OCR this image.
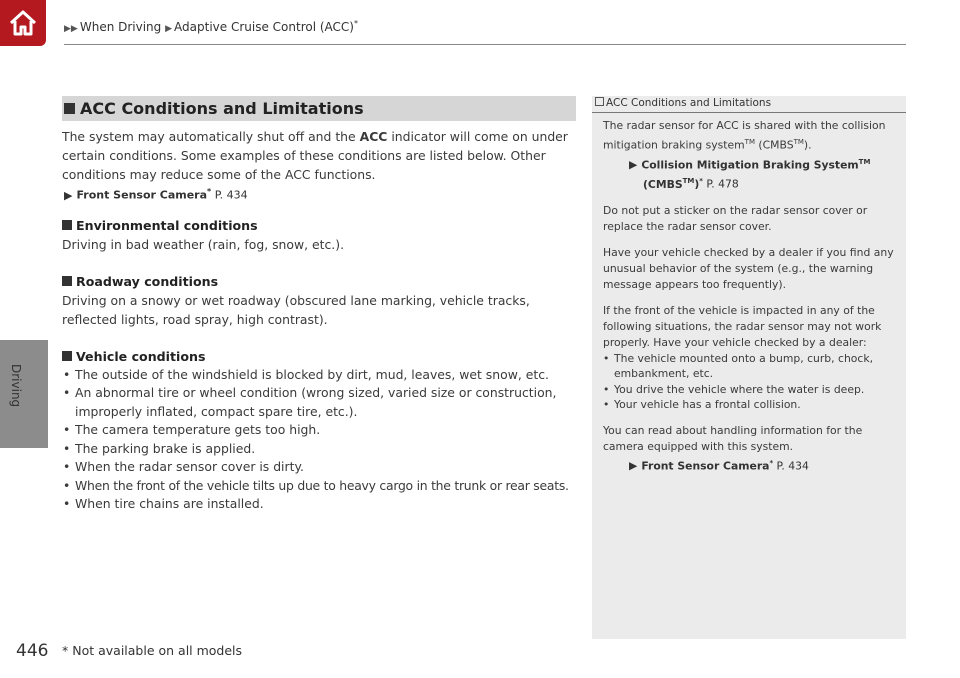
▶▶ When Driving ▶ Adaptive Cruise Control (ACC)*
Driving
ACC Conditions and Limitations

The system may automatically shut off and the ACC indicator will come on under certain conditions. Some examples of these conditions are listed below. Other conditions may reduce some of the ACC functions.

▶ Front Sensor Camera* P. 434

Environmental conditions

Driving in bad weather (rain, fog, snow, etc.).

Roadway conditions

Driving on a snowy or wet roadway (obscured lane marking, vehicle tracks, reflected lights, road spray, high contrast).

Vehicle conditions

• The outside of the windshield is blocked by dirt, mud, leaves, wet snow, etc.
• An abnormal tire or wheel condition (wrong sized, varied size or construction, improperly inflated, compact spare tire, etc.).
• The camera temperature gets too high.
• The parking brake is applied.
• When the radar sensor cover is dirty.
• When the front of the vehicle tilts up due to heavy cargo in the trunk or rear seats.
• When tire chains are installed.
ACC Conditions and Limitations

The radar sensor for ACC is shared with the collision mitigation braking system™ (CMBS™).

▶ Collision Mitigation Braking System™
(CMBS™)* P. 478

Do not put a sticker on the radar sensor cover or replace the radar sensor cover.

Have your vehicle checked by a dealer if you find any unusual behavior of the system (e.g., the warning message appears too frequently).

If the front of the vehicle is impacted in any of the following situations, the radar sensor may not work properly. Have your vehicle checked by a dealer:

• The vehicle mounted onto a bump, curb, chock, embankment, etc.
• You drive the vehicle where the water is deep.
• Your vehicle has a frontal collision.

You can read about handling information for the camera equipped with this system.

▶ Front Sensor Camera* P. 434

446 * Not available on all models
